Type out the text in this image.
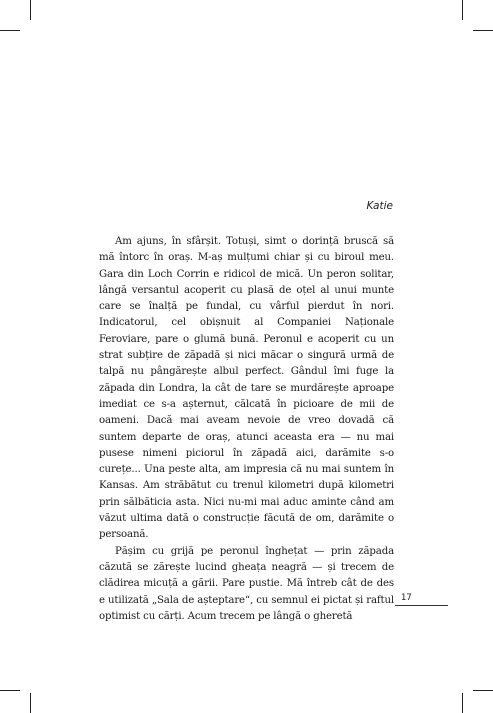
Katie

Am ajuns, în sfârșit. Totuși, simt o dorință bruscă să mă întorc în oraș. M-aș mulțumi chiar și cu biroul meu. Gara din Loch Corrin e ridicol de mică. Un peron solitar, lângă versantul acoperit cu plasă de oțel al unui munte care se înalță pe fundal, cu vârful pierdut în nori. Indicatorul, cel obișnuit al Companiei Naționale Feroviare, pare o glumă bună. Peronul e acoperit cu un strat subțire de zăpadă și nici măcar o singură urmă de talpă nu pângărește albul perfect. Gândul îmi fuge la zăpada din Londra, la cât de tare se murdărește aproape imediat ce s-a așternut, călcată în picioare de mii de oameni. Dacă mai aveam nevoie de vreo dovadă că suntem departe de oraș, atunci aceasta era — nu mai pusese nimeni piciorul în zăpadă aici, darămite s-o curețe... Una peste alta, am impresia că nu mai suntem în Kansas. Am străbătut cu trenul kilometri după kilometri prin sălbăticia asta. Nici nu-mi mai aduc aminte când am văzut ultima dată o construcție făcută de om, darămite o persoană.

Pășim cu grijă pe peronul înghețat — prin zăpada căzută se zărește lucind gheața neagră — și trecem de clădirea micuță a gării. Pare pustie. Mă întreb cât de des e utilizată „Sala de așteptare“, cu semnul ei pictat și raftul optimist cu cărți. Acum trecem pe lângă o gheretă

17
